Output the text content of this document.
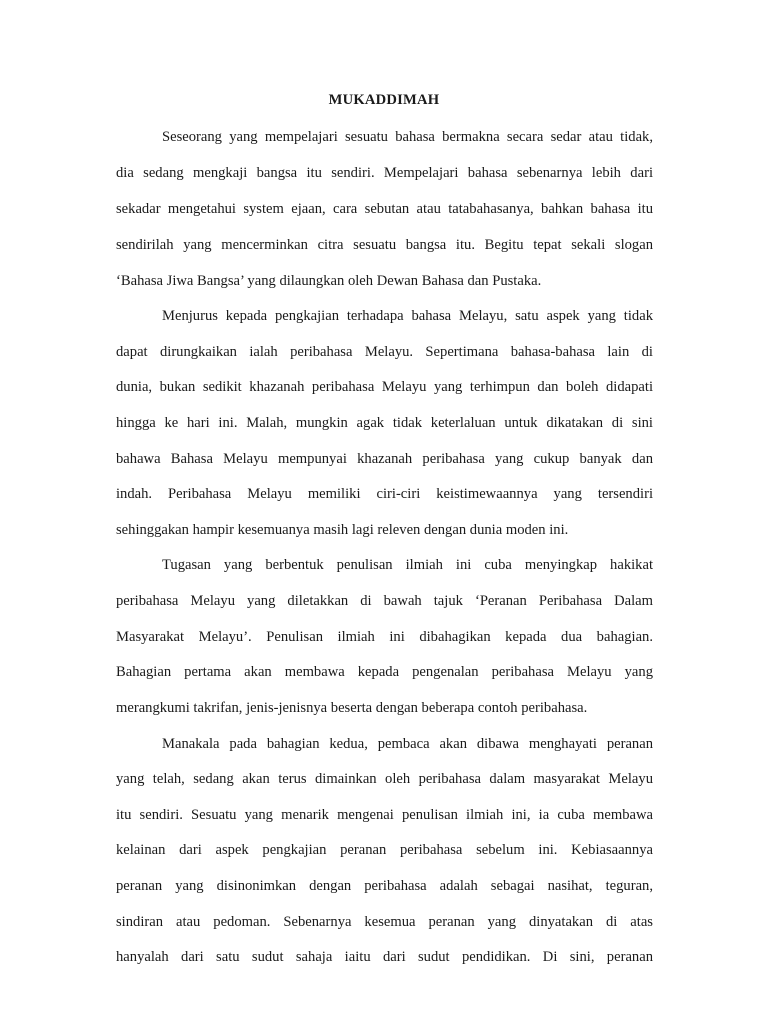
MUKADDIMAH
Seseorang yang mempelajari sesuatu bahasa bermakna secara sedar atau tidak,
dia sedang mengkaji bangsa itu sendiri. Mempelajari bahasa sebenarnya lebih dari
sekadar mengetahui system ejaan, cara sebutan atau tatabahasanya, bahkan bahasa itu
sendirilah yang mencerminkan citra sesuatu bangsa itu. Begitu tepat sekali slogan
‘Bahasa Jiwa Bangsa’ yang dilaungkan oleh Dewan Bahasa dan Pustaka.
Menjurus kepada pengkajian terhadapa bahasa Melayu, satu aspek yang tidak
dapat dirungkaikan ialah peribahasa Melayu. Sepertimana bahasa-bahasa lain di
dunia, bukan sedikit khazanah peribahasa Melayu yang terhimpun dan boleh didapati
hingga ke hari ini. Malah, mungkin agak tidak keterlaluan untuk dikatakan di sini
bahawa Bahasa Melayu mempunyai khazanah peribahasa yang cukup banyak dan
indah. Peribahasa Melayu memiliki ciri-ciri keistimewaannya yang tersendiri
sehinggakan hampir kesemuanya masih lagi releven dengan dunia moden ini.
Tugasan yang berbentuk penulisan ilmiah ini cuba menyingkap hakikat
peribahasa Melayu yang diletakkan di bawah tajuk ‘Peranan Peribahasa Dalam
Masyarakat Melayu’. Penulisan ilmiah ini dibahagikan kepada dua bahagian.
Bahagian pertama akan membawa kepada pengenalan peribahasa Melayu yang
merangkumi takrifan, jenis-jenisnya beserta dengan beberapa contoh peribahasa.
Manakala pada bahagian kedua, pembaca akan dibawa menghayati peranan
yang telah, sedang akan terus dimainkan oleh peribahasa dalam masyarakat Melayu
itu sendiri. Sesuatu yang menarik mengenai penulisan ilmiah ini, ia cuba membawa
kelainan dari aspek pengkajian peranan peribahasa sebelum ini. Kebiasaannya
peranan yang disinonimkan dengan peribahasa adalah sebagai nasihat, teguran,
sindiran atau pedoman. Sebenarnya kesemua peranan yang dinyatakan di atas
hanyalah dari satu sudut sahaja iaitu dari sudut pendidikan. Di sini, peranan
